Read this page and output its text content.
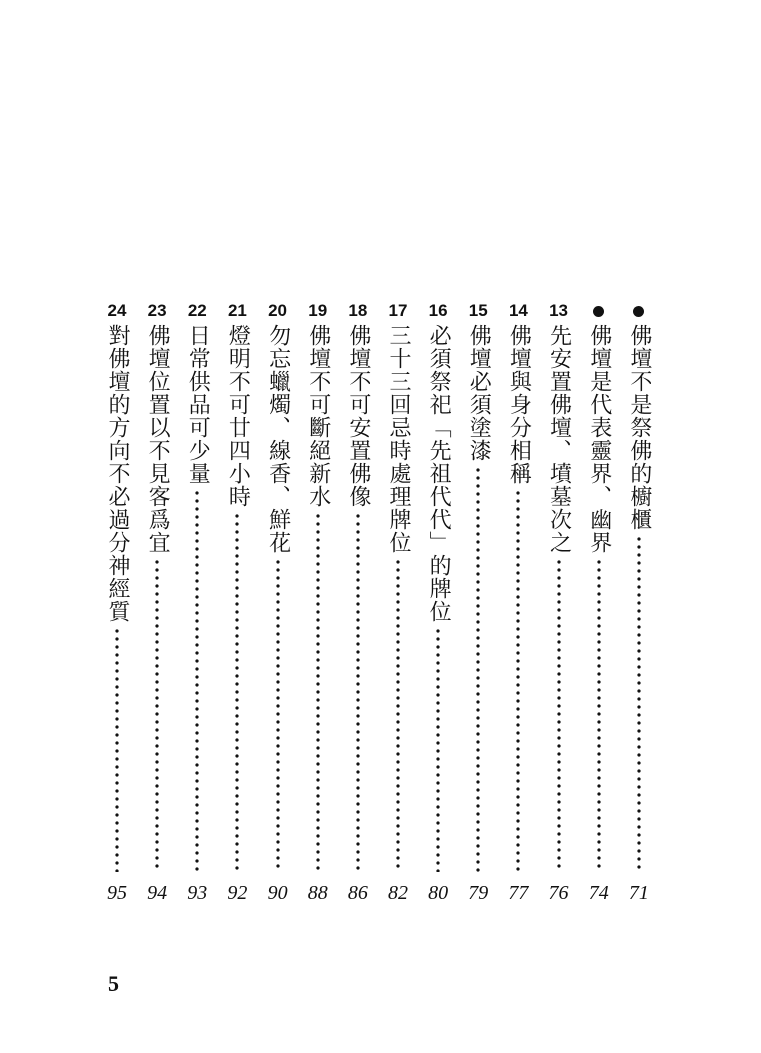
佛壇不是祭佛的櫥櫃
71
佛壇是代表靈界、幽界
74
13
先安置佛壇、墳墓次之
76
14
佛壇與身分相稱
77
15
佛壇必須塗漆
79
16
必須祭祀「先祖代代」的牌位
80
17
三十三回忌時處理牌位
82
18
佛壇不可安置佛像
86
19
佛壇不可斷絕新水
88
20
勿忘蠟燭、線香、鮮花
90
21
燈明不可廿四小時
92
22
日常供品可少量
93
23
佛壇位置以不見客爲宜
94
24
對佛壇的方向不必過分神經質
95
5
